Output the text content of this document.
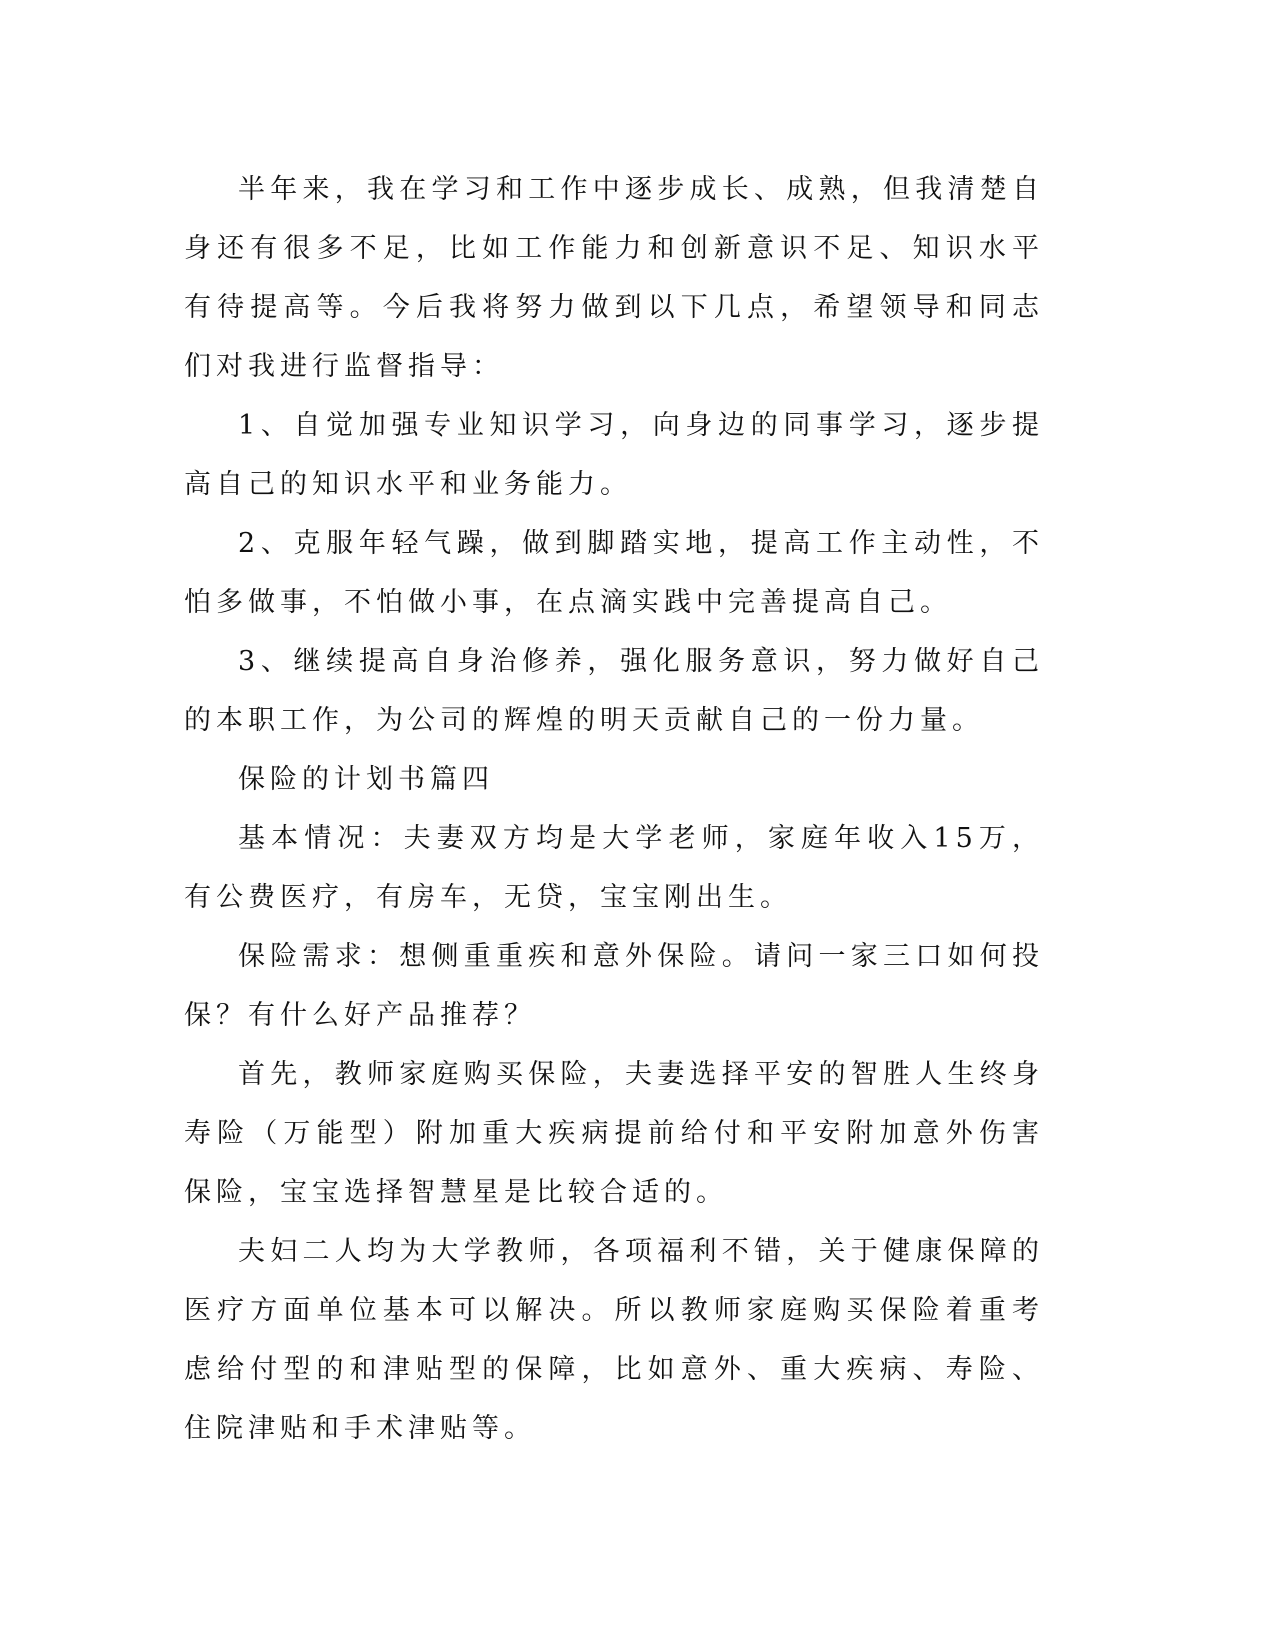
半年来，我在学习和工作中逐步成长、成熟，但我清楚自身还有很多不足，比如工作能力和创新意识不足、知识水平有待提高等。今后我将努力做到以下几点，希望领导和同志们对我进行监督指导：

1、自觉加强专业知识学习，向身边的同事学习，逐步提高自己的知识水平和业务能力。

2、克服年轻气躁，做到脚踏实地，提高工作主动性，不怕多做事，不怕做小事，在点滴实践中完善提高自己。

3、继续提高自身治修养，强化服务意识，努力做好自己的本职工作，为公司的辉煌的明天贡献自己的一份力量。

保险的计划书篇四

基本情况：夫妻双方均是大学老师，家庭年收入15万，有公费医疗，有房车，无贷，宝宝刚出生。

保险需求：想侧重重疾和意外保险。请问一家三口如何投保？有什么好产品推荐？

首先，教师家庭购买保险，夫妻选择平安的智胜人生终身寿险（万能型）附加重大疾病提前给付和平安附加意外伤害保险，宝宝选择智慧星是比较合适的。

夫妇二人均为大学教师，各项福利不错，关于健康保障的医疗方面单位基本可以解决。所以教师家庭购买保险着重考虑给付型的和津贴型的保障，比如意外、重大疾病、寿险、住院津贴和手术津贴等。
